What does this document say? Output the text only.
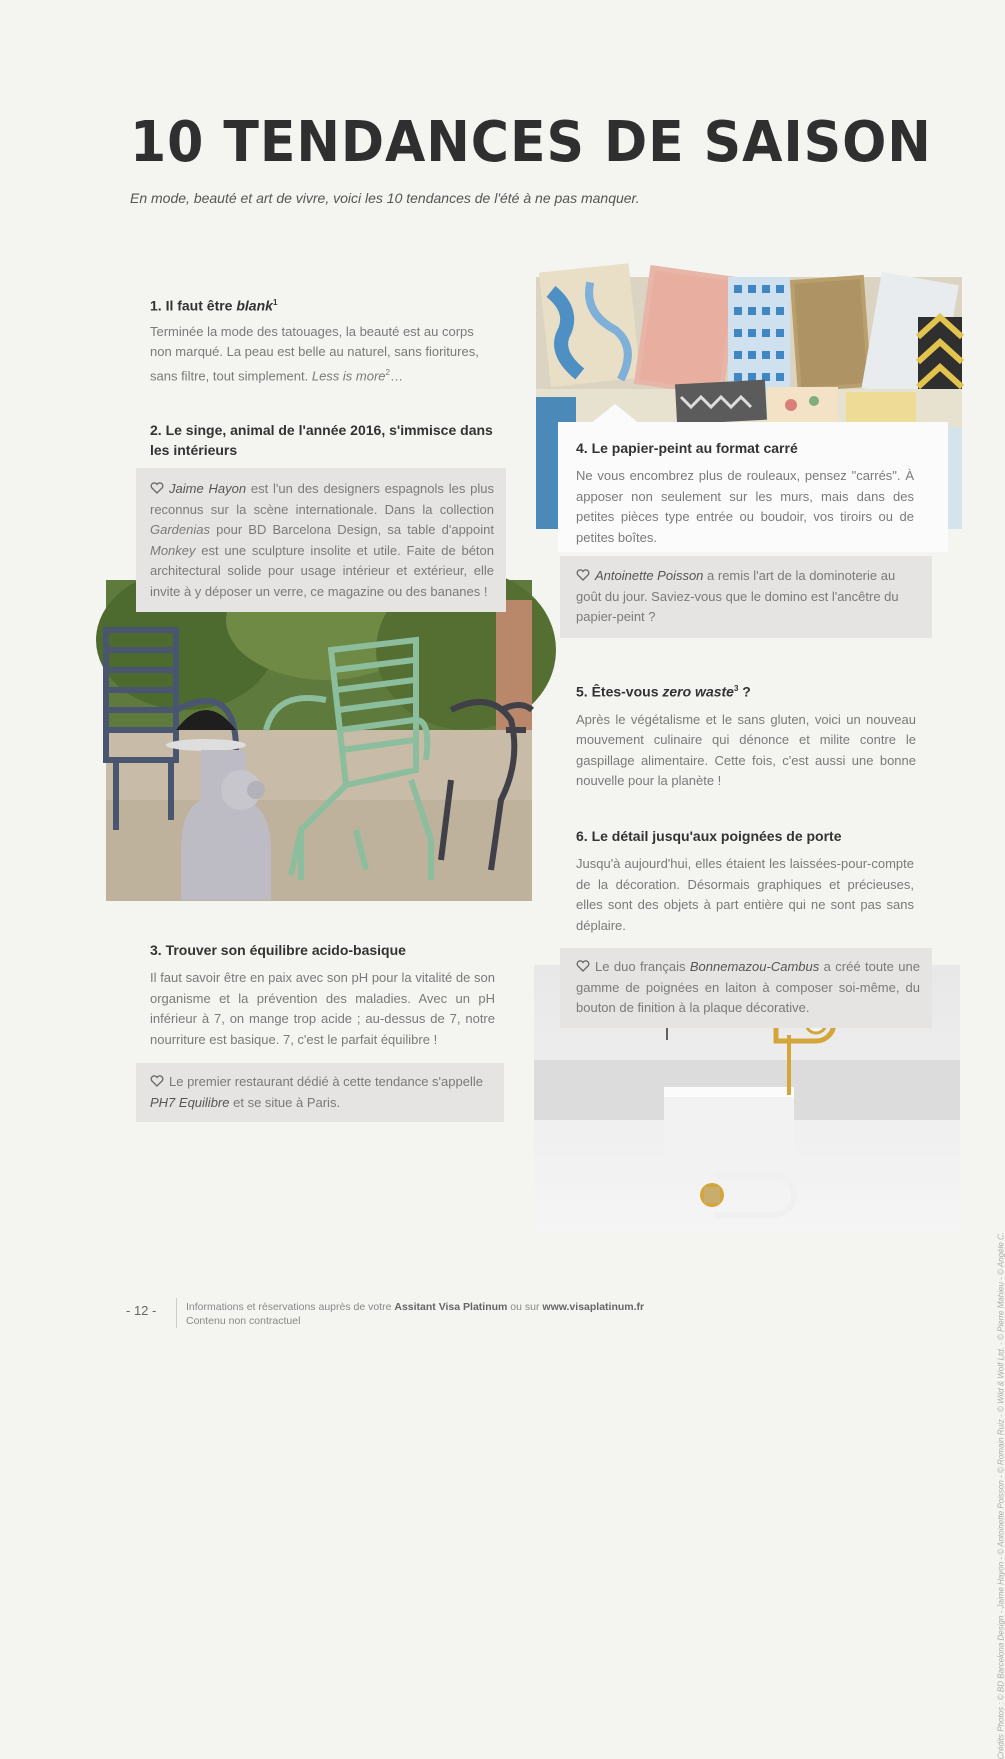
10 TENDANCES DE SAISON
En mode, beauté et art de vivre, voici les 10 tendances de l'été à ne pas manquer.
1. Il faut être blank$^1$

Terminée la mode des tatouages, la beauté est au corps non marqué. La peau est belle au naturel, sans fioritures, sans filtre, tout simplement. Less is more$^2$…

2. Le singe, animal de l'année 2016, s'immisce dans les intérieurs

Jaime Hayon est l'un des designers espagnols les plus reconnus sur la scène internationale. Dans la collection Gardenias pour BD Barcelona Design, sa table d'appoint Monkey est une sculpture insolite et utile. Faite de béton architectural solide pour usage intérieur et extérieur, elle invite à y déposer un verre, ce magazine ou des bananes !

3. Trouver son équilibre acido-basique

Il faut savoir être en paix avec son pH pour la vitalité de son organisme et la prévention des maladies. Avec un pH inférieur à 7, on mange trop acide ; au-dessus de 7, notre nourriture est basique. 7, c'est le parfait équilibre !

Le premier restaurant dédié à cette tendance s'appelle PH7 Equilibre et se situe à Paris.

4. Le papier-peint au format carré

Ne vous encombrez plus de rouleaux, pensez "carrés". À apposer non seulement sur les murs, mais dans des petites pièces type entrée ou boudoir, vos tiroirs ou de petites boîtes.

Antoinette Poisson a remis l'art de la dominoterie au goût du jour. Saviez-vous que le domino est l'ancêtre du papier-peint ?

5. Êtes-vous zero waste$^3$ ?

Après le végétalisme et le sans gluten, voici un nouveau mouvement culinaire qui dénonce et milite contre le gaspillage alimentaire. Cette fois, c'est aussi une bonne nouvelle pour la planète !

6. Le détail jusqu'aux poignées de porte

Jusqu'à aujourd'hui, elles étaient les laissées-pour-compte de la décoration. Désormais graphiques et précieuses, elles sont des objets à part entière qui ne sont pas sans déplaire.

Le duo français Bonnemazou-Cambus a créé toute une gamme de poignées en laiton à composer soi-même, du bouton de finition à la plaque décorative.

Crédits Photos : © BD Barcelona Design - Jaime Hayon - © Antoinette Poisson - © Romain Ruiz - © Wild & Wolf Ltd. - © Pierre Mahieu - © Angèle C.
- 12 -	Informations et réservations auprès de votre Assitant Visa Platinum ou sur www.visaplatinum.fr
Contenu non contractuel
